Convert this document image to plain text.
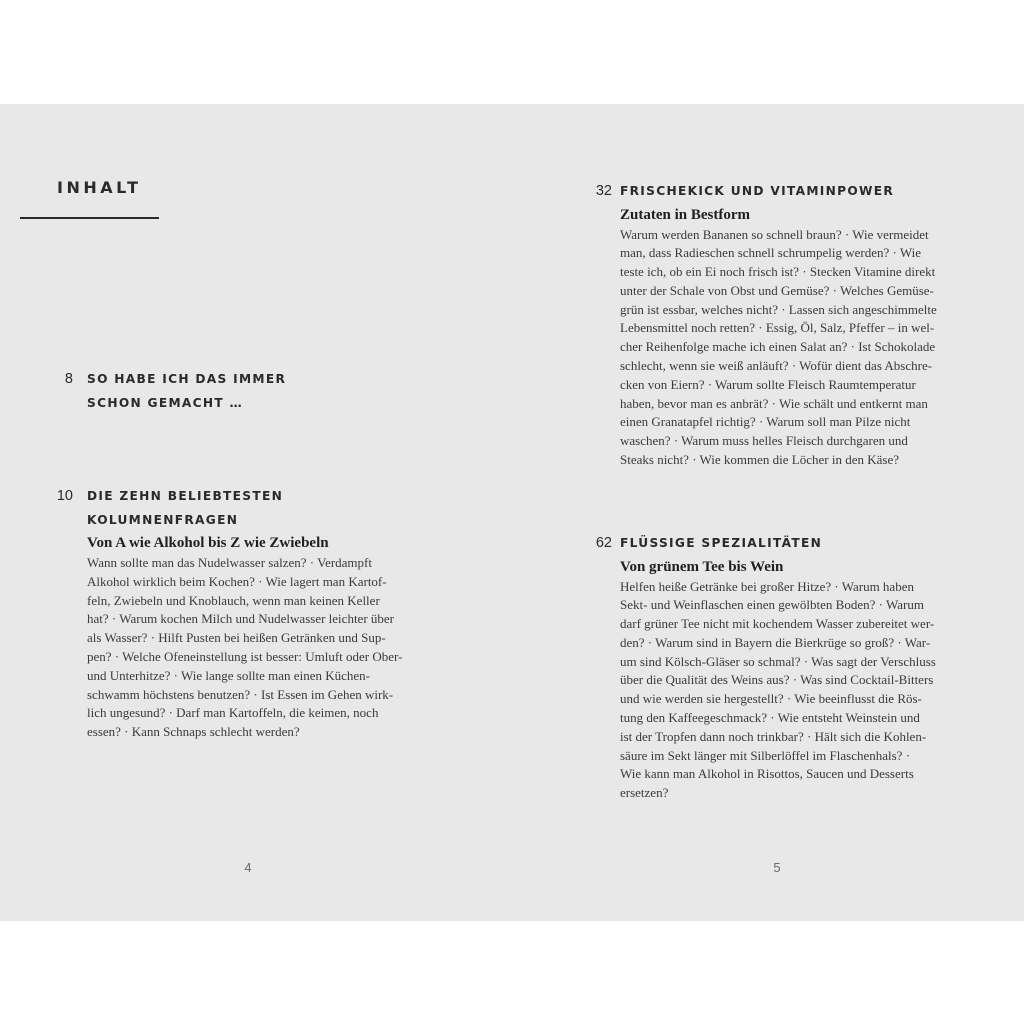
INHALT
8 SO HABE ICH DAS IMMER
SCHON GEMACHT …

10 DIE ZEHN BELIEBTESTEN
KOLUMNENFRAGEN

Von A wie Alkohol bis Z wie Zwiebeln

Wann sollte man das Nudelwasser salzen? · Verdampft
Alkohol wirklich beim Kochen? · Wie lagert man Kartof-
feln, Zwiebeln und Knoblauch, wenn man keinen Keller
hat? · Warum kochen Milch und Nudelwasser leichter über
als Wasser? · Hilft Pusten bei heißen Getränken und Sup-
pen? · Welche Ofeneinstellung ist besser: Umluft oder Ober-
und Unterhitze? · Wie lange sollte man einen Küchen-
schwamm höchstens benutzen? · Ist Essen im Gehen wirk-
lich ungesund? · Darf man Kartoffeln, die keimen, noch
essen? · Kann Schnaps schlecht werden?

32 FRISCHEKICK UND VITAMINPOWER

Zutaten in Bestform

Warum werden Bananen so schnell braun? · Wie vermeidet
man, dass Radieschen schnell schrumpelig werden? · Wie
teste ich, ob ein Ei noch frisch ist? · Stecken Vitamine direkt
unter der Schale von Obst und Gemüse? · Welches Gemüse-
grün ist essbar, welches nicht? · Lassen sich angeschimmelte
Lebensmittel noch retten? · Essig, Öl, Salz, Pfeffer – in wel-
cher Reihenfolge mache ich einen Salat an? · Ist Schokolade
schlecht, wenn sie weiß anläuft? · Wofür dient das Abschre-
cken von Eiern? · Warum sollte Fleisch Raumtemperatur
haben, bevor man es anbrät? · Wie schält und entkernt man
einen Granatapfel richtig? · Warum soll man Pilze nicht
waschen? · Warum muss helles Fleisch durchgaren und
Steaks nicht? · Wie kommen die Löcher in den Käse?

62 FLÜSSIGE SPEZIALITÄTEN

Von grünem Tee bis Wein

Helfen heiße Getränke bei großer Hitze? · Warum haben
Sekt- und Weinflaschen einen gewölbten Boden? · Warum
darf grüner Tee nicht mit kochendem Wasser zubereitet wer-
den? · Warum sind in Bayern die Bierkrüge so groß? · War-
um sind Kölsch-Gläser so schmal? · Was sagt der Verschluss
über die Qualität des Weins aus? · Was sind Cocktail-Bitters
und wie werden sie hergestellt? · Wie beeinflusst die Rös-
tung den Kaffeegeschmack? · Wie entsteht Weinstein und
ist der Tropfen dann noch trinkbar? · Hält sich die Kohlen-
säure im Sekt länger mit Silberlöffel im Flaschenhals? ·
Wie kann man Alkohol in Risottos, Saucen und Desserts
ersetzen?

4	5
